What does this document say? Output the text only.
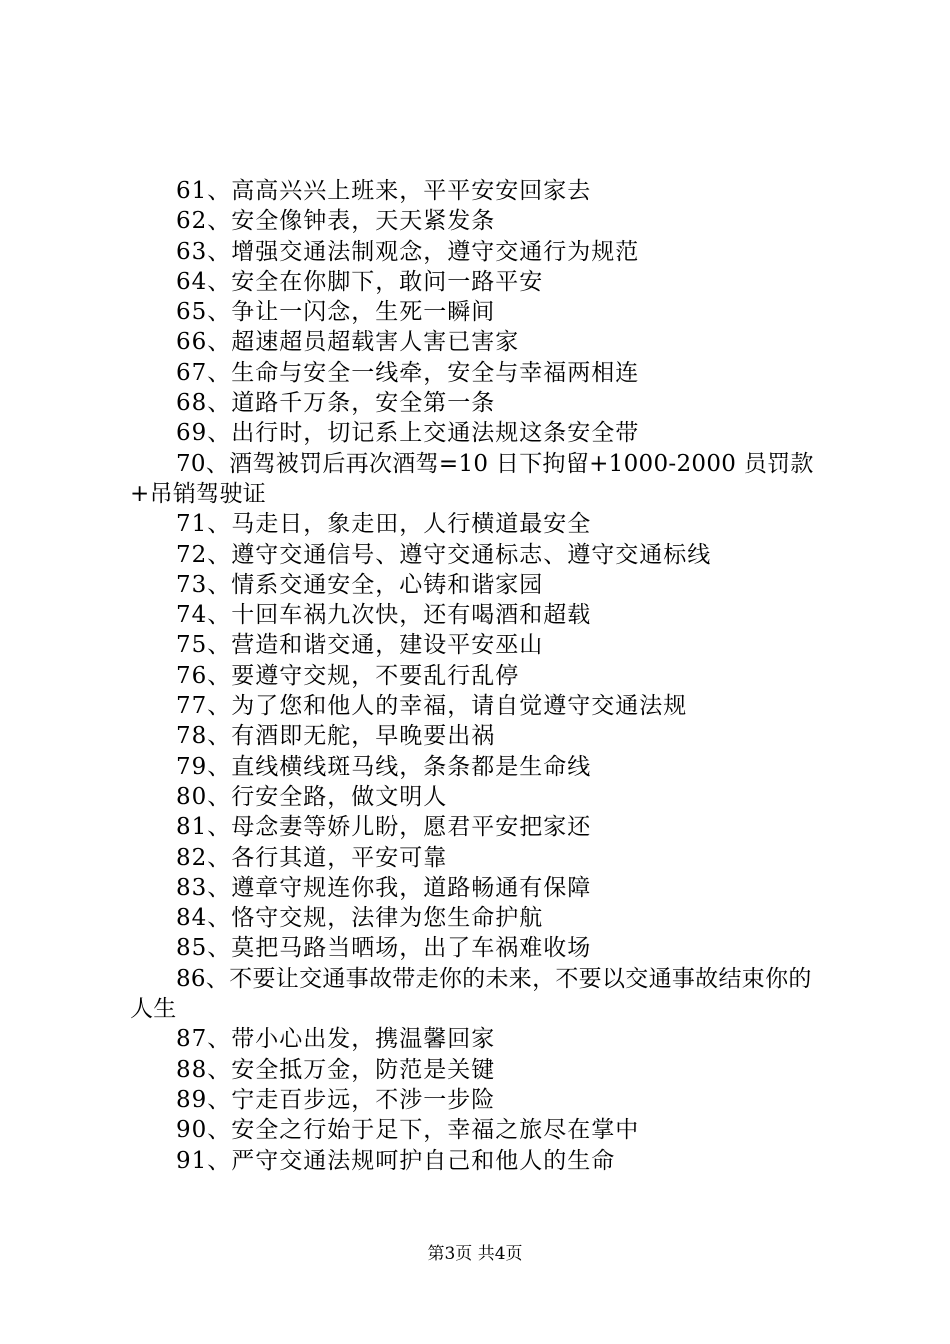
61、高高兴兴上班来，平平安安回家去
62、安全像钟表，天天紧发条
63、增强交通法制观念，遵守交通行为规范
64、安全在你脚下，敢问一路平安
65、争让一闪念，生死一瞬间
66、超速超员超载害人害已害家
67、生命与安全一线牵，安全与幸福两相连
68、道路千万条，安全第一条
69、出行时，切记系上交通法规这条安全带
70、酒驾被罚后再次酒驾=10 日下拘留+1000-2000 员罚款+吊销驾驶证
71、马走日，象走田，人行横道最安全
72、遵守交通信号、遵守交通标志、遵守交通标线
73、情系交通安全，心铸和谐家园
74、十回车祸九次快，还有喝酒和超载
75、营造和谐交通，建设平安巫山
76、要遵守交规，不要乱行乱停
77、为了您和他人的幸福，请自觉遵守交通法规
78、有酒即无舵，早晚要出祸
79、直线横线斑马线，条条都是生命线
80、行安全路，做文明人
81、母念妻等娇儿盼，愿君平安把家还
82、各行其道，平安可靠
83、遵章守规连你我，道路畅通有保障
84、恪守交规，法律为您生命护航
85、莫把马路当晒场，出了车祸难收场
86、不要让交通事故带走你的未来，不要以交通事故结束你的人生
87、带小心出发，携温馨回家
88、安全抵万金，防范是关键
89、宁走百步远，不涉一步险
90、安全之行始于足下，幸福之旅尽在掌中
91、严守交通法规呵护自己和他人的生命
第3页 共4页
